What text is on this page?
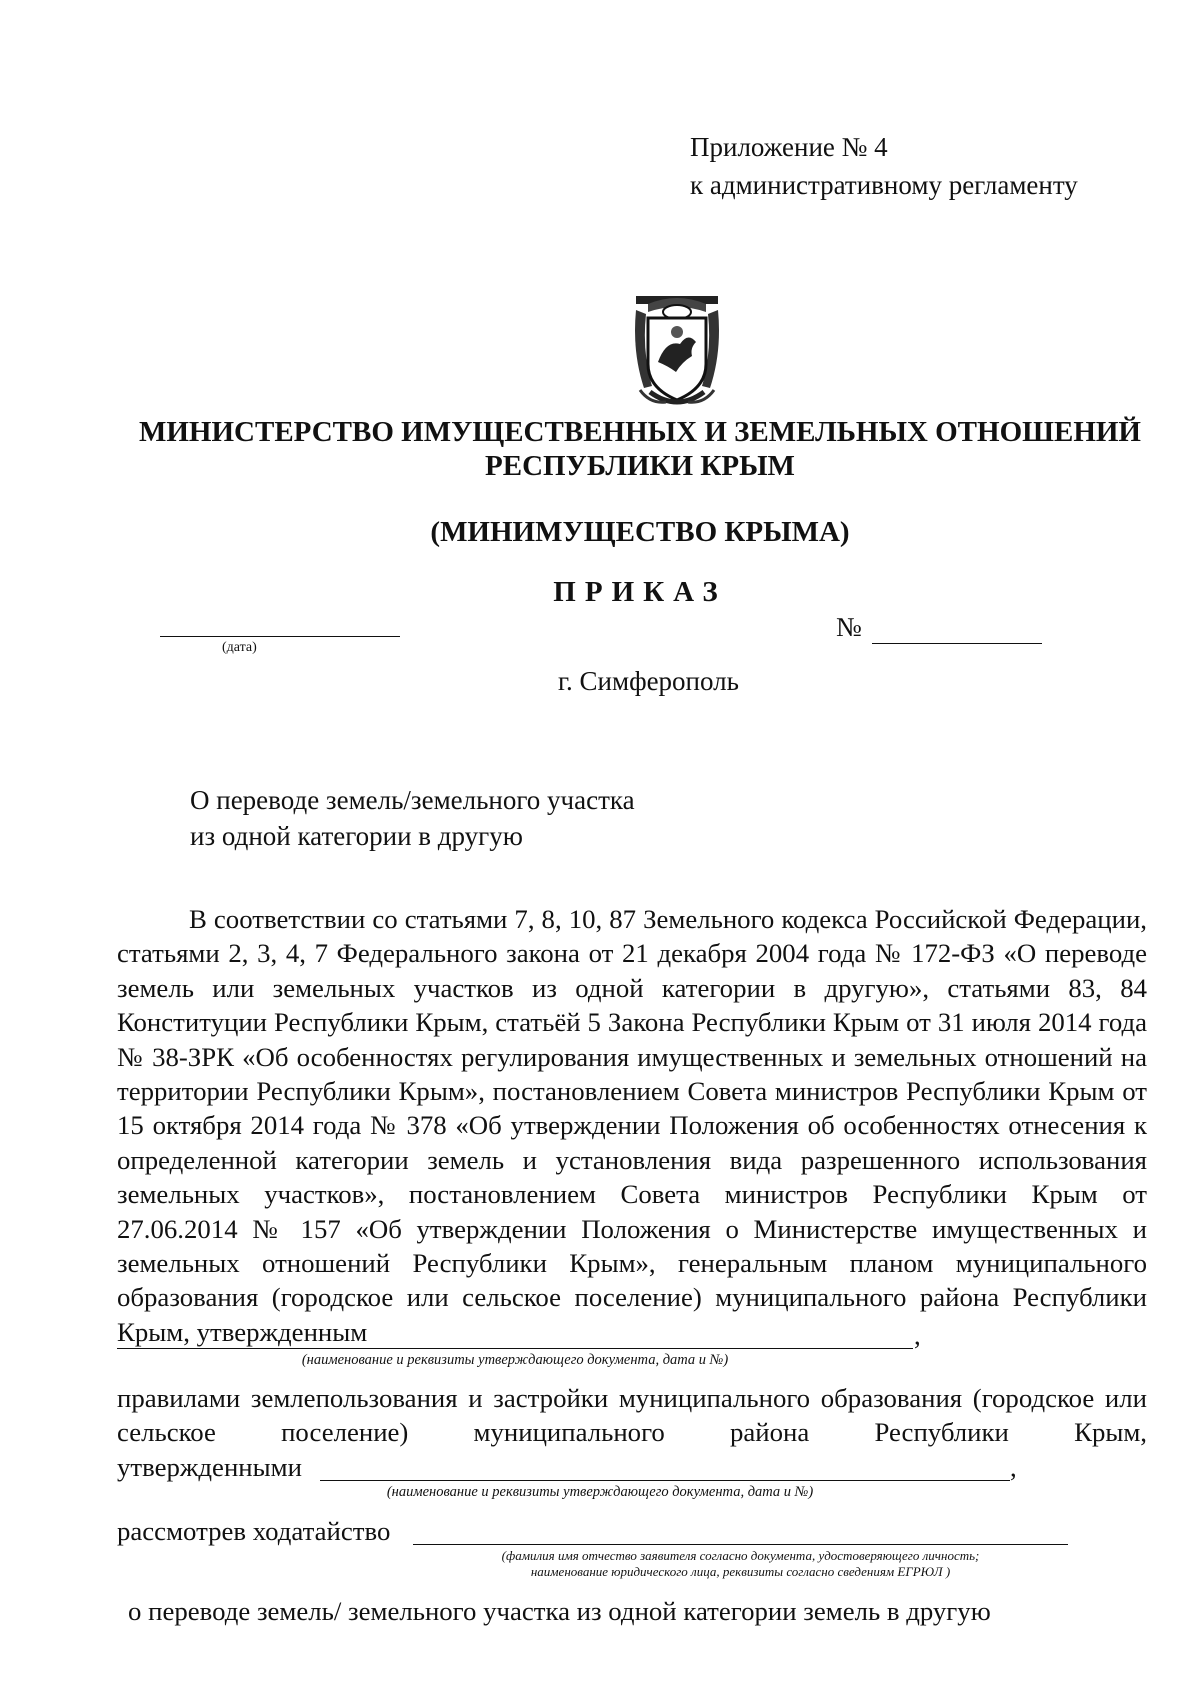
Приложение № 4
к административному регламенту
МИНИСТЕРСТВО ИМУЩЕСТВЕННЫХ И ЗЕМЕЛЬНЫХ ОТНОШЕНИЙ
РЕСПУБЛИКИ КРЫМ
(МИНИМУЩЕСТВО КРЫМА)
ПРИКАЗ
(дата)
№
г. Симферополь
О переводе земель/земельного участка
из одной категории в другую

В соответствии со статьями 7, 8, 10, 87 Земельного кодекса Российской Федерации, статьями 2, 3, 4, 7 Федерального закона от 21 декабря 2004 года № 172-ФЗ «О переводе земель или земельных участков из одной категории в другую», статьями 83, 84 Конституции Республики Крым, статьёй 5 Закона Республики Крым от 31 июля 2014 года № 38-ЗРК «Об особенностях регулирования имущественных и земельных отношений на территории Республики Крым», постановлением Совета министров Республики Крым от 15 октября 2014 года № 378 «Об утверждении Положения об особенностях отнесения к определенной категории земель и установления вида разрешенного использования земельных участков», постановлением Совета министров Республики Крым от 27.06.2014 № 157 «Об утверждении Положения о Министерстве имущественных и земельных отношений Республики Крым», генеральным планом муниципального образования (городское или сельское поселение) муниципального района Республики Крым, утвержденным	,
(наименование и реквизиты утверждающего документа, дата и №)
правилами землепользования и застройки муниципального образования (городское или сельское поселение) муниципального района Республики Крым,
утвержденными	,
(наименование и реквизиты утверждающего документа, дата и №)
рассмотрев ходатайство
(фамилия имя отчество заявителя согласно документа, удостоверяющего личность;
наименование юридического лица, реквизиты согласно сведениям ЕГРЮЛ )
о переводе земель/ земельного участка из одной категории земель в другую
